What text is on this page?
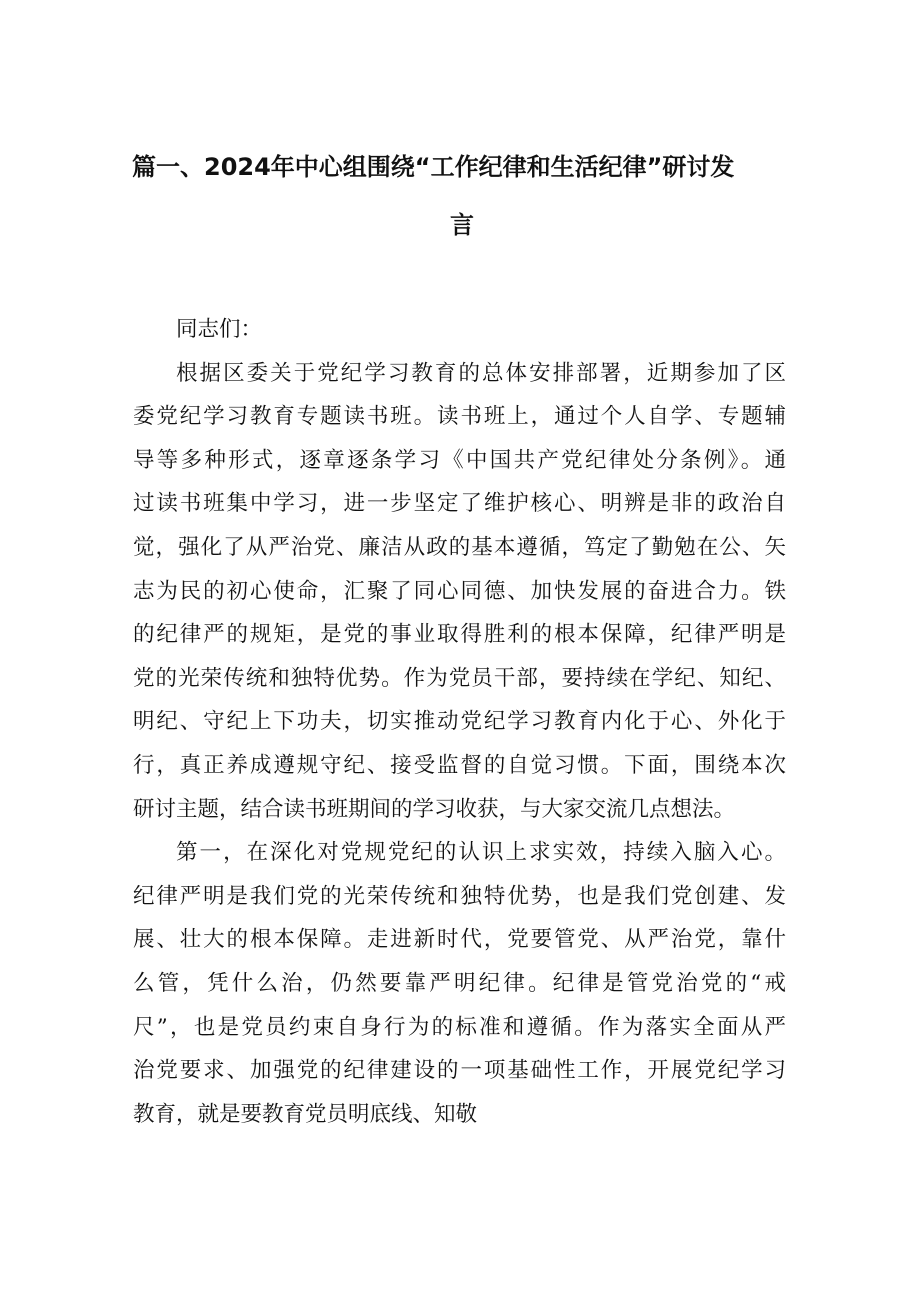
篇一、2024年中心组围绕“工作纪律和生活纪律”研讨发
言
同志们：
根据区委关于党纪学习教育的总体安排部署，近期参加了区
委党纪学习教育专题读书班。读书班上，通过个人自学、专题辅
导等多种形式，逐章逐条学习《中国共产党纪律处分条例》。通
过读书班集中学习，进一步坚定了维护核心、明辨是非的政治自
觉，强化了从严治党、廉洁从政的基本遵循，笃定了勤勉在公、矢
志为民的初心使命，汇聚了同心同德、加快发展的奋进合力。铁
的纪律严的规矩，是党的事业取得胜利的根本保障，纪律严明是
党的光荣传统和独特优势。作为党员干部，要持续在学纪、知纪、
明纪、守纪上下功夫，切实推动党纪学习教育内化于心、外化于
行，真正养成遵规守纪、接受监督的自觉习惯。下面，围绕本次
研讨主题，结合读书班期间的学习收获，与大家交流几点想法。
第一，在深化对党规党纪的认识上求实效，持续入脑入心。
纪律严明是我们党的光荣传统和独特优势，也是我们党创建、发
展、壮大的根本保障。走进新时代，党要管党、从严治党，靠什
么管，凭什么治，仍然要靠严明纪律。纪律是管党治党的“戒
尺”，也是党员约束自身行为的标准和遵循。作为落实全面从严
治党要求、加强党的纪律建设的一项基础性工作，开展党纪学习
教育，就是要教育党员明底线、知敬
